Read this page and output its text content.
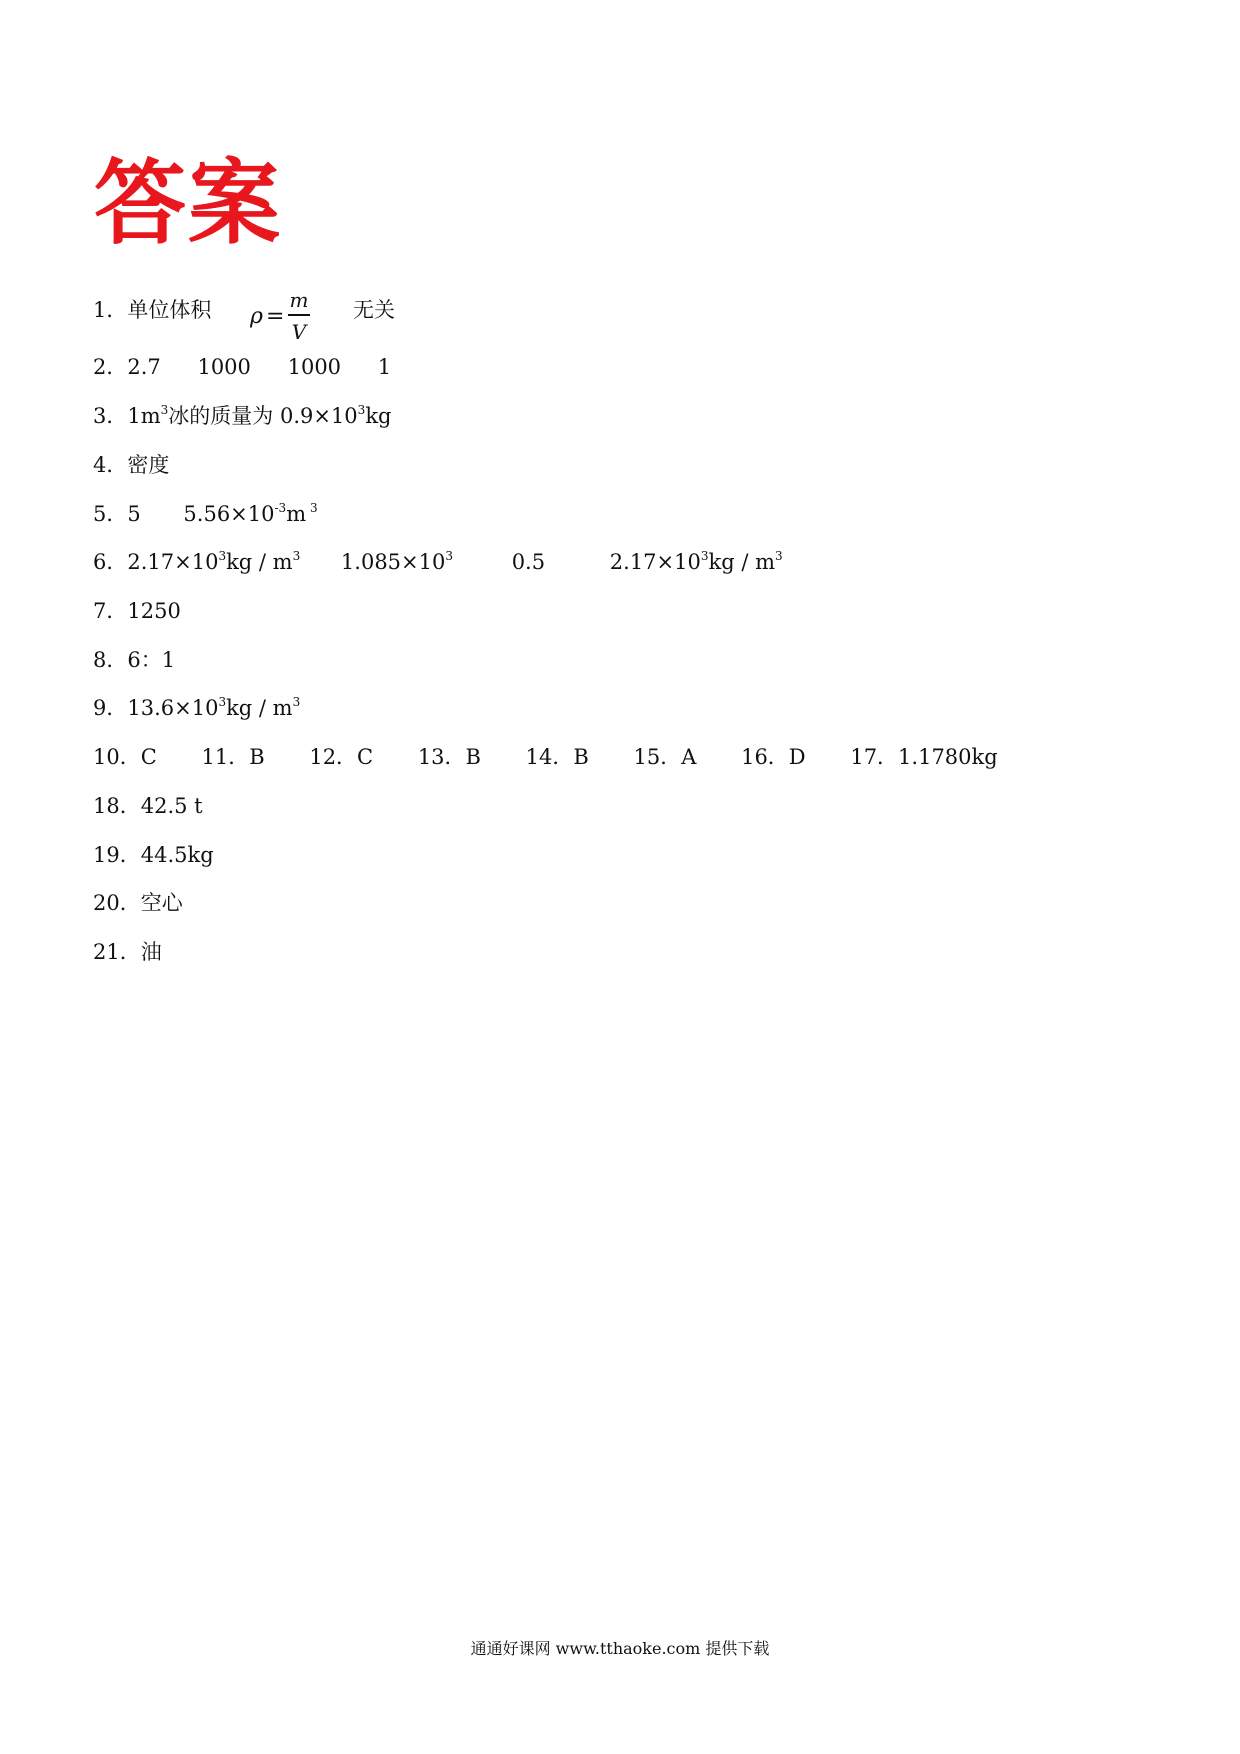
答案
1．单位体积 ρ =
m
V
无关
2．2.7 1000 1000 1
3．$1m^3$冰的质量为 $0.9\times 10^3kg$
4．密度
5．5 $5.56\times 10^{-3}m$ $^3$
6．$2.17\times 10^3kg / m^3$ $1.085\times 10^3$	0.5	$2.17\times 10^3kg / m^3$
7．1250
8．6：1
9．$13.6\times 10^3kg / m^3$
10．C 11．B 12．C 13．B 14．B 15．A 16．D 17．1.1780kg
18．42.5 t
19．44.5kg
20．空心
21．油
通通好课网 www.tthaoke.com 提供下载
